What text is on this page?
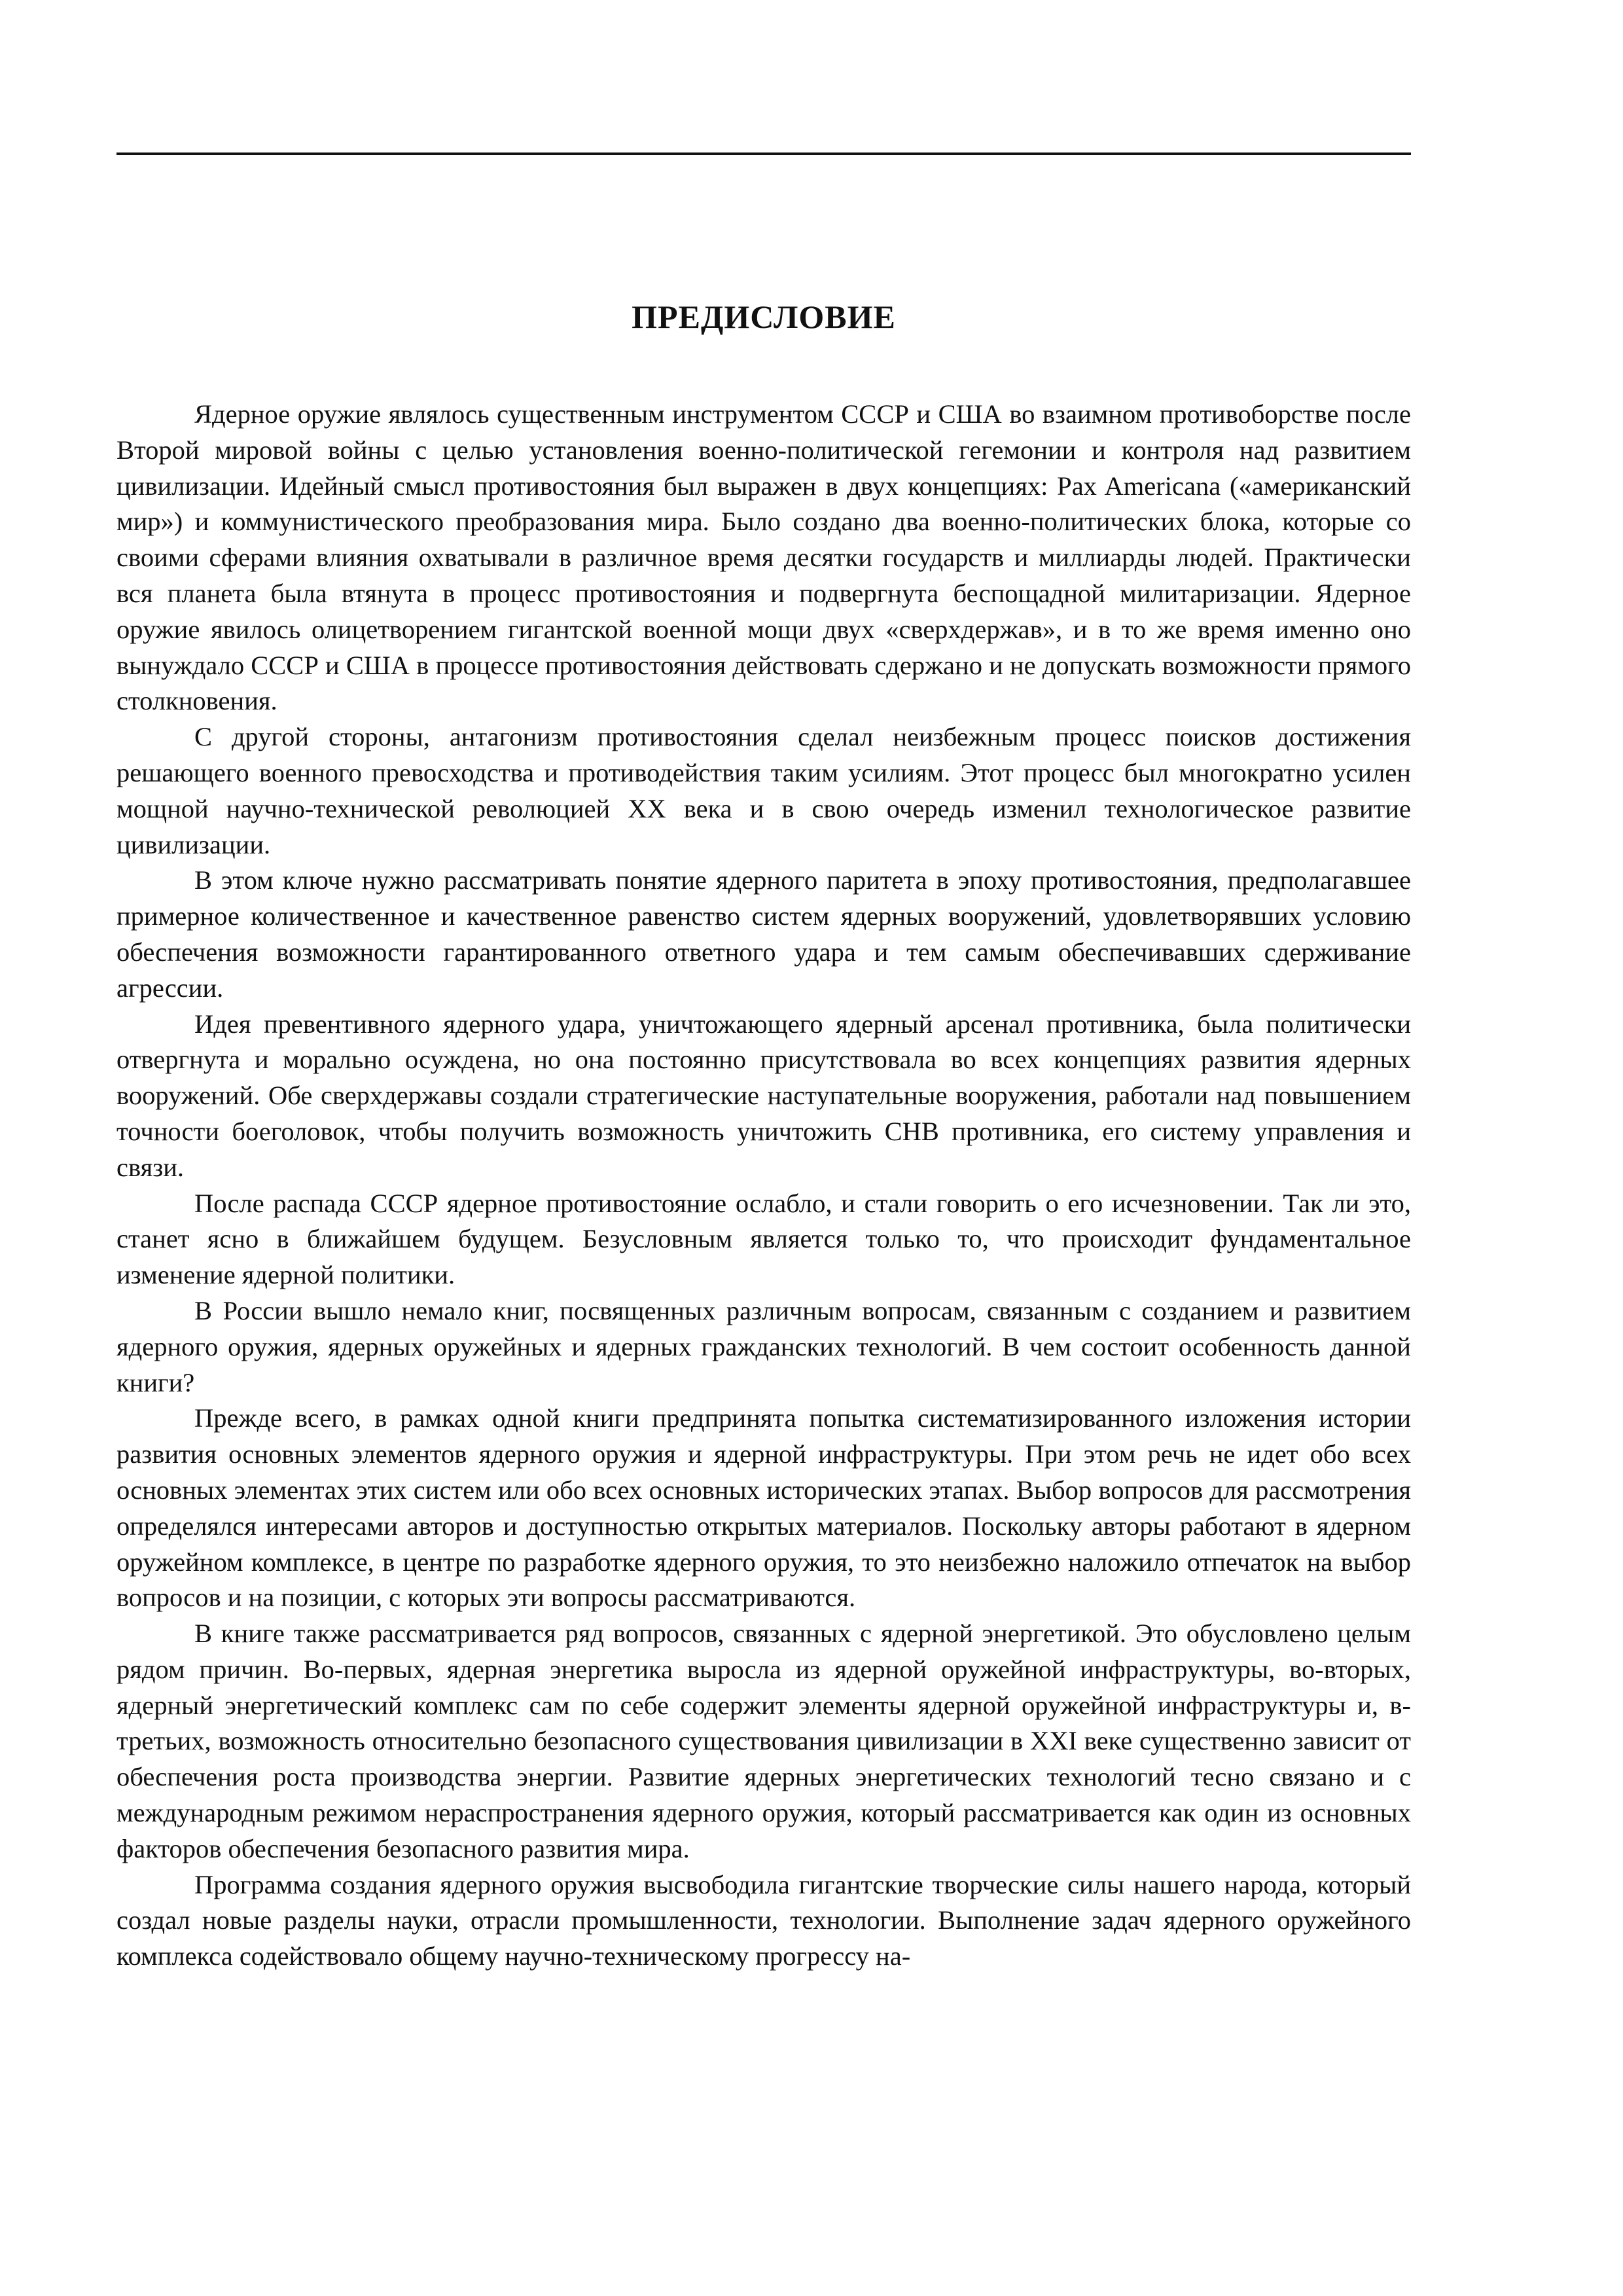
ПРЕДИСЛОВИЕ

Ядерное оружие являлось существенным инструментом СССР и США во взаимном противоборстве после Второй мировой войны с целью установления военно-политической гегемонии и контроля над развитием цивилизации. Идейный смысл противостояния был выражен в двух концепциях: Pax Americana («американский мир») и коммунистического преобразования мира. Было создано два военно-политических блока, которые со своими сферами влияния охватывали в различное время десятки государств и миллиарды людей. Практически вся планета была втянута в процесс противостояния и подвергнута беспощадной милитаризации. Ядерное оружие явилось олицетворением гигантской военной мощи двух «сверхдержав», и в то же время именно оно вынуждало СССР и США в процессе противостояния действовать сдержано и не допускать возможности прямого столкновения.

С другой стороны, антагонизм противостояния сделал неизбежным процесс поисков достижения решающего военного превосходства и противодействия таким усилиям. Этот процесс был многократно усилен мощной научно-технической революцией XX века и в свою очередь изменил технологическое развитие цивилизации.

В этом ключе нужно рассматривать понятие ядерного паритета в эпоху противостояния, предполагавшее примерное количественное и качественное равенство систем ядерных вооружений, удовлетворявших условию обеспечения возможности гарантированного ответного удара и тем самым обеспечивавших сдерживание агрессии.

Идея превентивного ядерного удара, уничтожающего ядерный арсенал противника, была политически отвергнута и морально осуждена, но она постоянно присутствовала во всех концепциях развития ядерных вооружений. Обе сверхдержавы создали стратегические наступательные вооружения, работали над повышением точности боеголовок, чтобы получить возможность уничтожить СНВ противника, его систему управления и связи.

После распада СССР ядерное противостояние ослабло, и стали говорить о его исчезновении. Так ли это, станет ясно в ближайшем будущем. Безусловным является только то, что происходит фундаментальное изменение ядерной политики.

В России вышло немало книг, посвященных различным вопросам, связанным с созданием и развитием ядерного оружия, ядерных оружейных и ядерных гражданских технологий. В чем состоит особенность данной книги?

Прежде всего, в рамках одной книги предпринята попытка систематизированного изложения истории развития основных элементов ядерного оружия и ядерной инфраструктуры. При этом речь не идет обо всех основных элементах этих систем или обо всех основных исторических этапах. Выбор вопросов для рассмотрения определялся интересами авторов и доступностью открытых материалов. Поскольку авторы работают в ядерном оружейном комплексе, в центре по разработке ядерного оружия, то это неизбежно наложило отпечаток на выбор вопросов и на позиции, с которых эти вопросы рассматриваются.

В книге также рассматривается ряд вопросов, связанных с ядерной энергетикой. Это обусловлено целым рядом причин. Во-первых, ядерная энергетика выросла из ядерной оружейной инфраструктуры, во-вторых, ядерный энергетический комплекс сам по себе содержит элементы ядерной оружейной инфраструктуры и, в-третьих, возможность относительно безопасного существования цивилизации в XXI веке существенно зависит от обеспечения роста производства энергии. Развитие ядерных энергетических технологий тесно связано и с международным режимом нераспространения ядерного оружия, который рассматривается как один из основных факторов обеспечения безопасного развития мира.

Программа создания ядерного оружия высвободила гигантские творческие силы нашего народа, который создал новые разделы науки, отрасли промышленности, технологии. Выполнение задач ядерного оружейного комплекса содействовало общему научно-техническому прогрессу на-
